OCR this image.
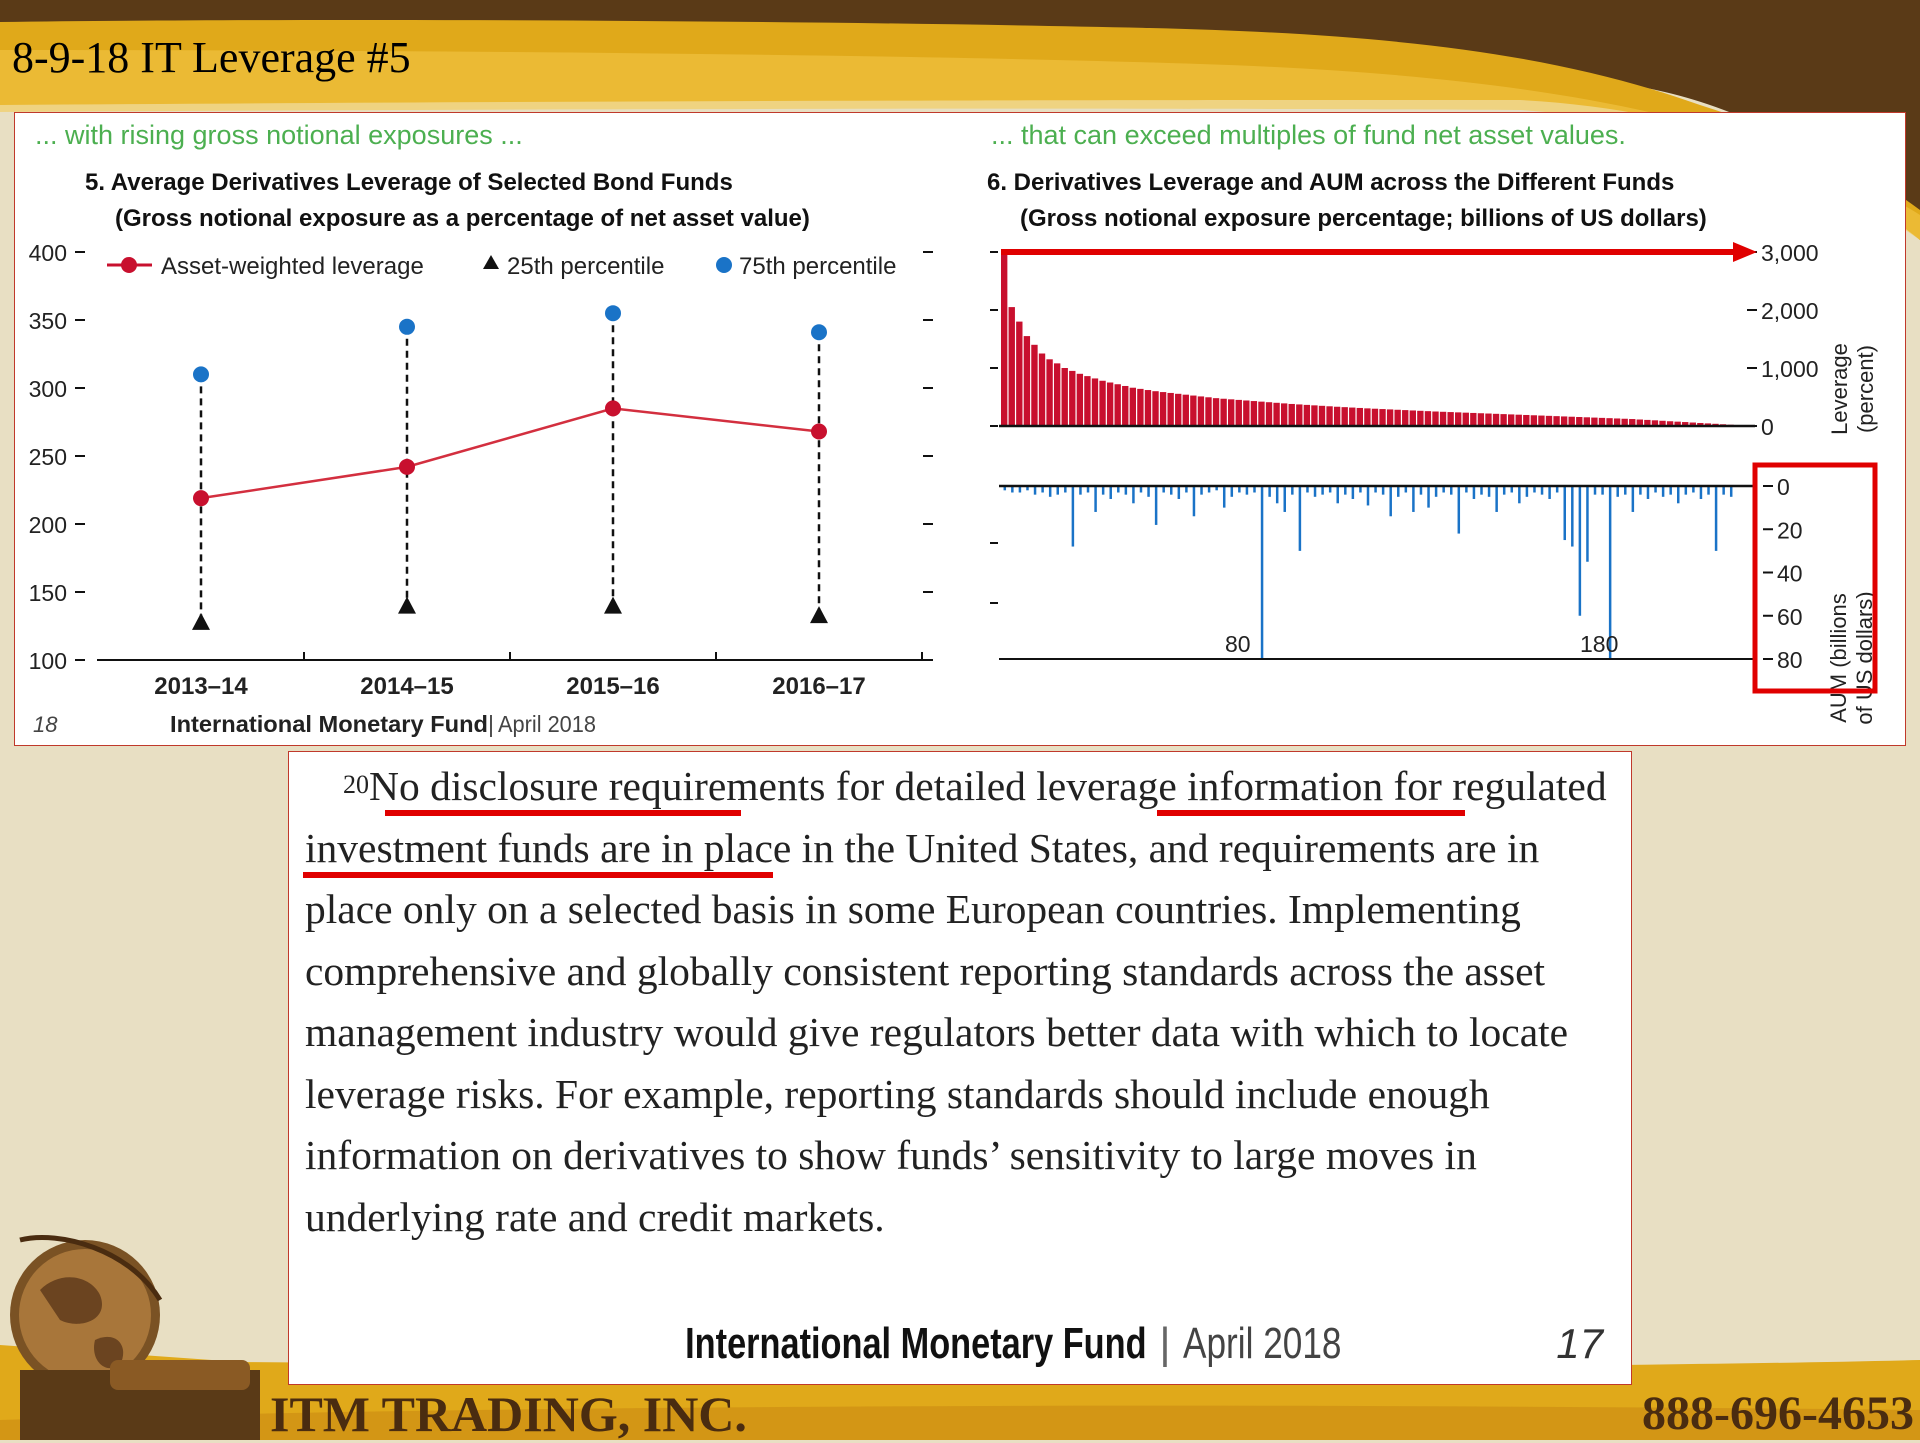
8-9-18 IT Leverage #5
... with rising gross notional exposures ...
5. Average Derivatives Leverage of Selected Bond Funds
(Gross notional exposure as a percentage of net asset value)
Asset-weighted leverage	25th percentile	75th percentile
100
150
200
250
300
350
400
2013–14	2014–15	2015–16	2016–17
18	International Monetary Fund | April 2018
... that can exceed multiples of fund net asset values.
6. Derivatives Leverage and AUM across the Different Funds
(Gross notional exposure percentage; billions of US dollars)
0
1,000
2,000
3,000
0
20
40
60
80
Leverage (percent)
AUM (billions of US dollars)
80	180
$^{20}$No disclosure requirements for detailed leverage information for regulated investment funds are in place in the United States, and requirements are in place only on a selected basis in some European countries. Implementing comprehensive and globally consistent reporting standards across the asset management industry would give regulators better data with which to locate leverage risks. For example, reporting standards should include enough information on derivatives to show funds’ sensitivity to large moves in underlying rate and credit markets.
International Monetary Fund | April 2018	17
ITM TRADING, INC.	888-696-4653
